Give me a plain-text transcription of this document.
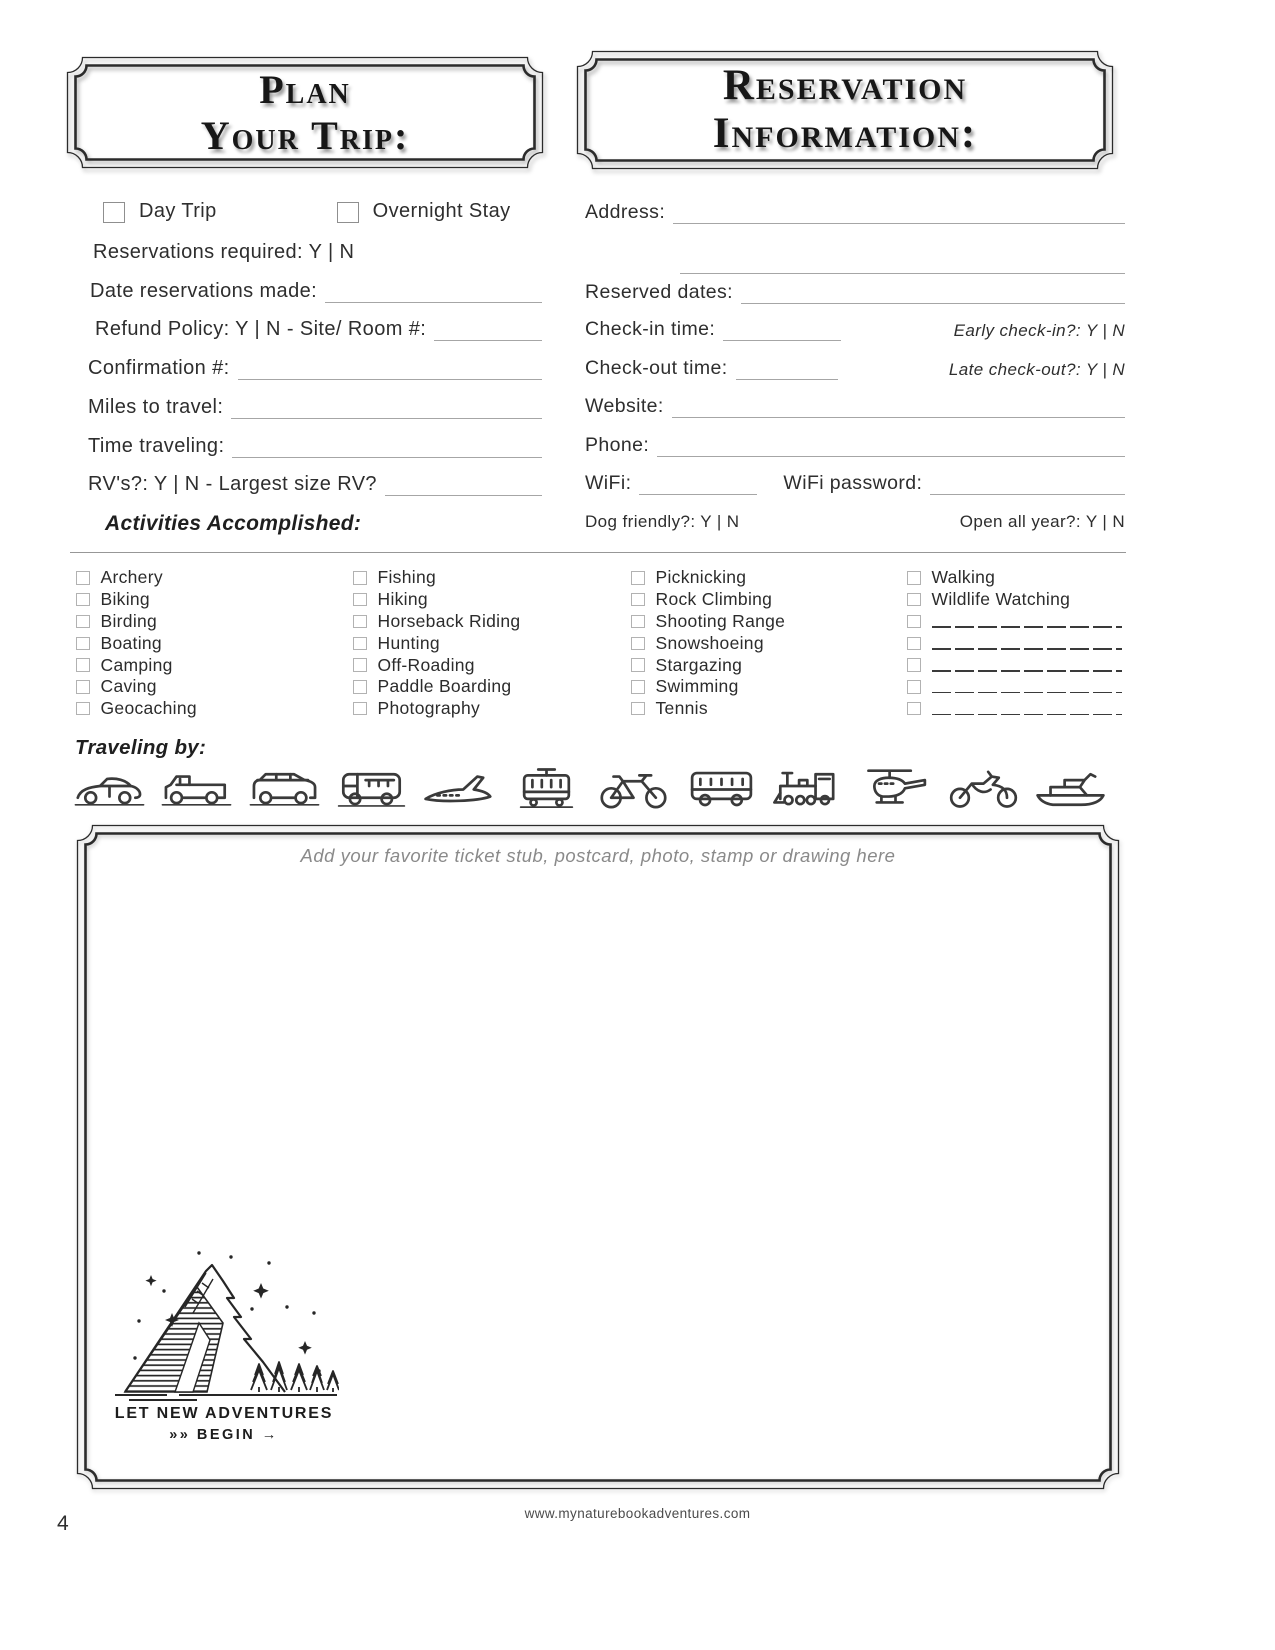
Plan
Your Trip:
Reservation
Information:
Day Trip	Overnight Stay
Reservations required: Y | N
Date reservations made:
Refund Policy: Y | N - Site/ Room #:
Confirmation #:
Miles to travel:
Time traveling:
RV's?: Y | N - Largest size RV?
Activities Accomplished:
Address:
Reserved dates:
Check-in time:	Early check-in?: Y | N
Check-out time:	Late check-out?: Y | N
Website:
Phone:
WiFi:	WiFi password:
Dog friendly?: Y | N	Open all year?: Y | N
Archery
Biking
Birding
Boating
Camping
Caving
Geocaching
Fishing
Hiking
Horseback Riding
Hunting
Off-Roading
Paddle Boarding
Photography
Picknicking
Rock Climbing
Shooting Range
Snowshoeing
Stargazing
Swimming
Tennis
Walking
Wildlife Watching
Traveling by:
Add your favorite ticket stub, postcard, photo, stamp or drawing here
LET NEW ADVENTURES
»» BEGIN →
www.mynaturebookadventures.com
4
